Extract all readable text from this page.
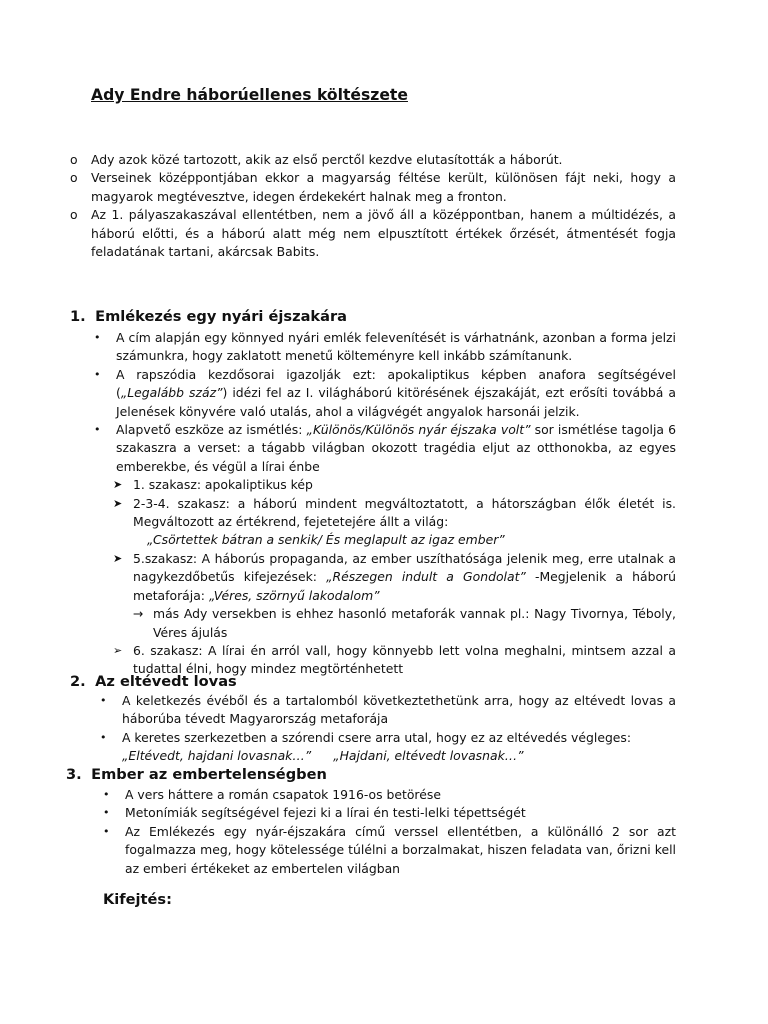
Ady Endre háborúellenes költészete
o Ady azok közé tartozott, akik az első perctől kezdve elutasították a háborút.
o Verseinek középpontjában ekkor a magyarság féltése került, különösen fájt neki, hogy a magyarok megtévesztve, idegen érdekekért halnak meg a fronton.
o Az 1. pályaszakaszával ellentétben, nem a jövő áll a középpontban, hanem a múltidézés, a háború előtti, és a háború alatt még nem elpusztított értékek őrzését, átmentését fogja feladatának tartani, akárcsak Babits.
1. Emlékezés egy nyári éjszakára
• A cím alapján egy könnyed nyári emlék felevenítését is várhatnánk, azonban a forma jelzi számunkra, hogy zaklatott menetű költeményre kell inkább számítanunk.
• A rapszódia kezdősorai igazolják ezt: apokaliptikus képben anafora segítségével („Legalább száz”) idézi fel az I. világháború kitörésének éjszakáját, ezt erősíti továbbá a Jelenések könyvére való utalás, ahol a világvégét angyalok harsonái jelzik.
• Alapvető eszköze az ismétlés: „Különös/Különös nyár éjszaka volt” sor ismétlése tagolja 6 szakaszra a verset: a tágabb világban okozott tragédia eljut az otthonokba, az egyes emberekbe, és végül a lírai énbe
➤ 1. szakasz: apokaliptikus kép
➤ 2-3-4. szakasz: a háború mindent megváltoztatott, a hátországban élők életét is. Megváltozott az értékrend, fejetetejére állt a világ:
„Csörtettek bátran a senkik/ És meglapult az igaz ember”
➤ 5.szakasz: A háborús propaganda, az ember uszíthatósága jelenik meg, erre utalnak a nagykezdőbetűs kifejezések: „Részegen indult a Gondolat” -Megjelenik a háború metaforája: „Véres, szörnyű lakodalom”
→ más Ady versekben is ehhez hasonló metaforák vannak pl.: Nagy Tivornya, Téboly, Véres ájulás
➢ 6. szakasz: A lírai én arról vall, hogy könnyebb lett volna meghalni, mintsem azzal a tudattal élni, hogy mindez megtörténhetett
2. Az eltévedt lovas
• A keletkezés évéből és a tartalomból következtethetünk arra, hogy az eltévedt lovas a háborúba tévedt Magyarország metaforája
• A keretes szerkezetben a szórendi csere arra utal, hogy ez az eltévedés végleges:
„Eltévedt, hajdani lovasnak…” „Hajdani, eltévedt lovasnak…”
3. Ember az embertelenségben
• A vers háttere a román csapatok 1916-os betörése
• Metonímiák segítségével fejezi ki a lírai én testi-lelki tépettségét
• Az Emlékezés egy nyár-éjszakára című verssel ellentétben, a különálló 2 sor azt fogalmazza meg, hogy kötelessége túlélni a borzalmakat, hiszen feladata van, őrizni kell az emberi értékeket az embertelen világban
Kifejtés:
